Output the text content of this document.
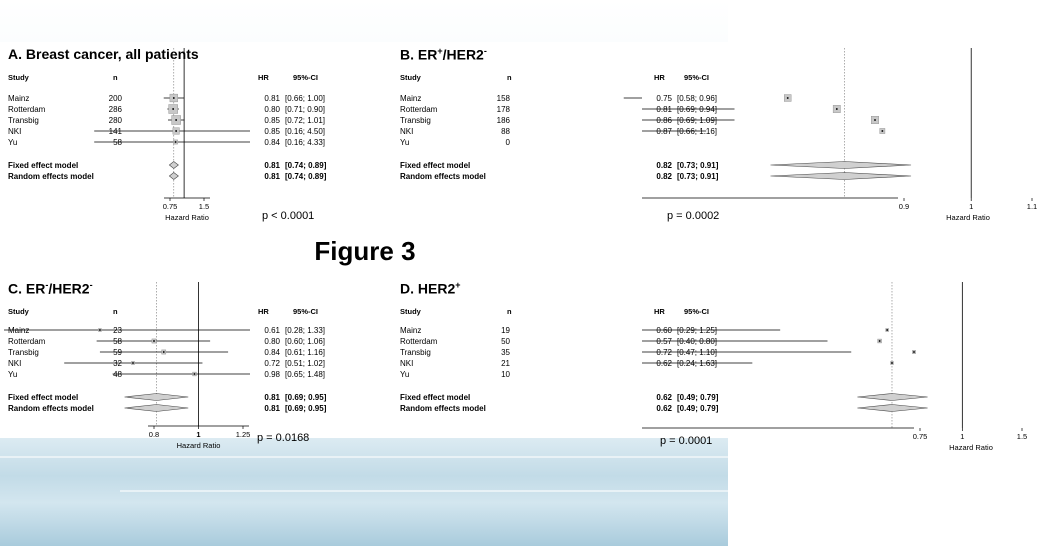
Figure 3
A. Breast cancer, all patients
Study	n	HR	95%-CI
Mainz	200	0.81 [0.66; 1.00]
Rotterdam	286	0.80 [0.71; 0.90]
Transbig	280	0.85 [0.72; 1.01]
NKI	141	0.85 [0.16; 4.50]
Yu	58	0.84 [0.16; 4.33]
Fixed effect model	0.81 [0.74; 0.89]
Random effects model	0.81 [0.74; 0.89]
0.75	1.5
Hazard Ratio	p < 0.0001
B. ER+/HER2-
Study	n	HR	95%-CI
Mainz	158	0.75 [0.58; 0.96]
Rotterdam	178	0.81 [0.69; 0.94]
Transbig	186	0.86 [0.69; 1.09]
NKI	88	0.87 [0.66; 1.16]
Yu	0
Fixed effect model	0.82 [0.73; 0.91]
Random effects model	0.82 [0.73; 0.91]
0.9	1	1.1
Hazard Ratio
p = 0.0002
C. ER-/HER2-
Study	n	HR	95%-CI
Mainz	23	0.61 [0.28; 1.33]
Rotterdam	58	0.80 [0.60; 1.06]
Transbig	59	0.84 [0.61; 1.16]
NKI	32	0.72 [0.51; 1.02]
Yu	48	0.98 [0.65; 1.48]
Fixed effect model	0.81 [0.69; 0.95]
Random effects model	0.81 [0.69; 0.95]
0.8	1	1.25
Hazard Ratio
p = 0.0168
D. HER2+
Study	n	HR	95%-CI
Mainz	19	0.60 [0.29; 1.25]
Rotterdam	50	0.57 [0.40; 0.80]
Transbig	35	0.72 [0.47; 1.10]
NKI	21	0.62 [0.24; 1.63]
Yu	10
Fixed effect model	0.62 [0.49; 0.79]
Random effects model	0.62 [0.49; 0.79]
0.75	1	1.5
Hazard Ratio
p = 0.0001
